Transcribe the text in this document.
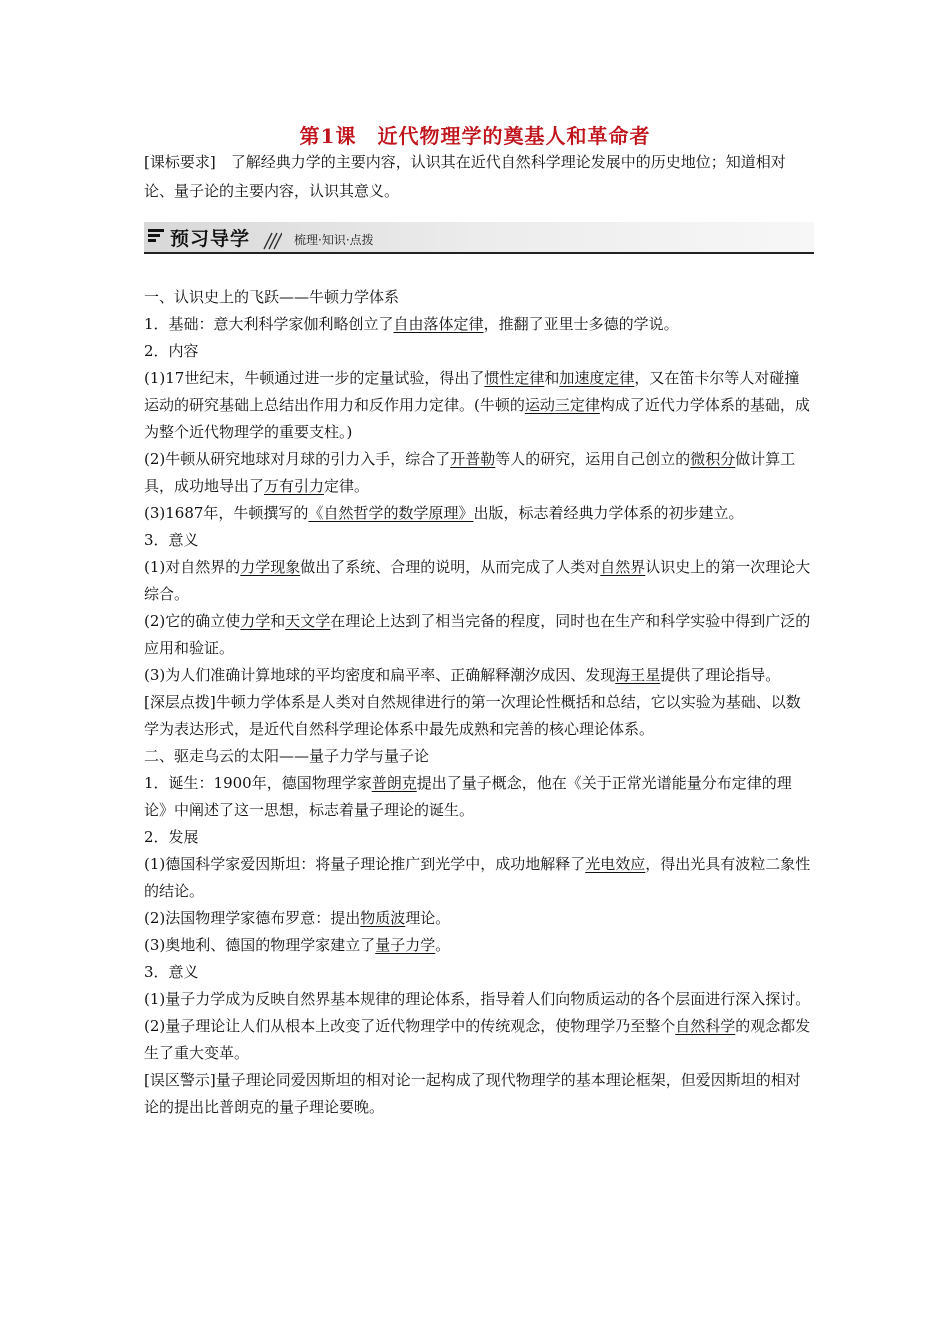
第1课　近代物理学的奠基人和革命者
[课标要求]　了解经典力学的主要内容，认识其在近代自然科学理论发展中的历史地位；知道相对论、量子论的主要内容，认识其意义。
预习导学	梳理·知识·点拨

一、认识史上的飞跃——牛顿力学体系

1．基础：意大利科学家伽利略创立了自由落体定律，推翻了亚里士多德的学说。

2．内容

(1)17世纪末，牛顿通过进一步的定量试验，得出了惯性定律和加速度定律，又在笛卡尔等人对碰撞运动的研究基础上总结出作用力和反作用力定律。(牛顿的运动三定律构成了近代力学体系的基础，成为整个近代物理学的重要支柱。)

(2)牛顿从研究地球对月球的引力入手，综合了开普勒等人的研究，运用自己创立的微积分做计算工具，成功地导出了万有引力定律。

(3)1687年，牛顿撰写的《自然哲学的数学原理》出版，标志着经典力学体系的初步建立。

3．意义

(1)对自然界的力学现象做出了系统、合理的说明，从而完成了人类对自然界认识史上的第一次理论大综合。

(2)它的确立使力学和天文学在理论上达到了相当完备的程度，同时也在生产和科学实验中得到广泛的应用和验证。

(3)为人们准确计算地球的平均密度和扁平率、正确解释潮汐成因、发现海王星提供了理论指导。

[深层点拨]牛顿力学体系是人类对自然规律进行的第一次理论性概括和总结，它以实验为基础、以数学为表达形式，是近代自然科学理论体系中最先成熟和完善的核心理论体系。

二、驱走乌云的太阳——量子力学与量子论

1．诞生：1900年，德国物理学家普朗克提出了量子概念，他在《关于正常光谱能量分布定律的理论》中阐述了这一思想，标志着量子理论的诞生。

2．发展

(1)德国科学家爱因斯坦：将量子理论推广到光学中，成功地解释了光电效应，得出光具有波粒二象性的结论。

(2)法国物理学家德布罗意：提出物质波理论。

(3)奥地利、德国的物理学家建立了量子力学。

3．意义

(1)量子力学成为反映自然界基本规律的理论体系，指导着人们向物质运动的各个层面进行深入探讨。

(2)量子理论让人们从根本上改变了近代物理学中的传统观念，使物理学乃至整个自然科学的观念都发生了重大变革。

[误区警示]量子理论同爱因斯坦的相对论一起构成了现代物理学的基本理论框架，但爱因斯坦的相对论的提出比普朗克的量子理论要晚。
